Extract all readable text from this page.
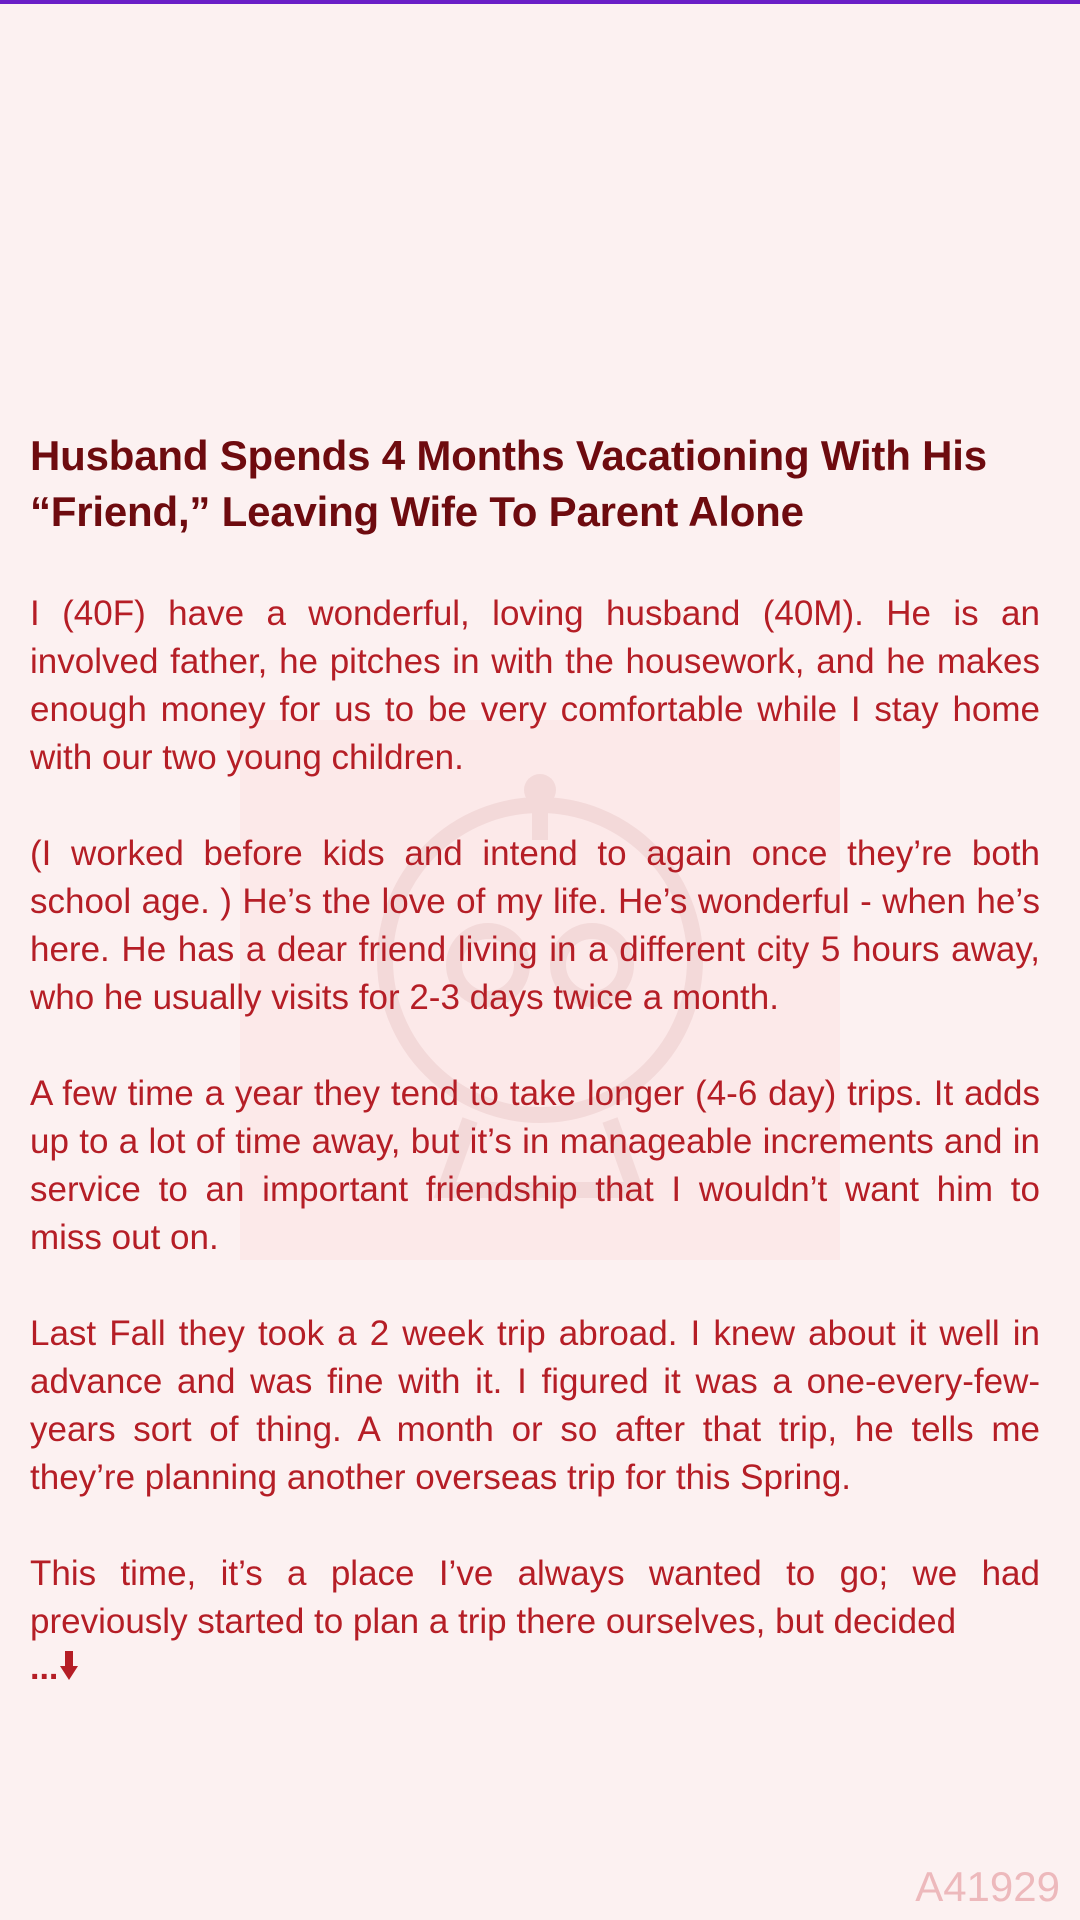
Husband Spends 4 Months Vacationing With His “Friend,” Leaving Wife To Parent Alone

I (40F) have a wonderful, loving husband (40M). He is an involved father, he pitches in with the housework, and he makes enough money for us to be very comfortable while I stay home with our two young children.

(I worked before kids and intend to again once they’re both school age. ) He’s the love of my life. He’s wonderful - when he’s here. He has a dear friend living in a different city 5 hours away, who he usually visits for 2-3 days twice a month.

A few time a year they tend to take longer (4-6 day) trips. It adds up to a lot of time away, but it’s in manageable increments and in service to an important friendship that I wouldn’t want him to miss out on.

Last Fall they took a 2 week trip abroad. I knew about it well in advance and was fine with it. I figured it was a one-every-few-years sort of thing. A month or so after that trip, he tells me they’re planning another overseas trip for this Spring.

This time, it’s a place I’ve always wanted to go; we had previously started to plan a trip there ourselves, but decided

...
A41929
